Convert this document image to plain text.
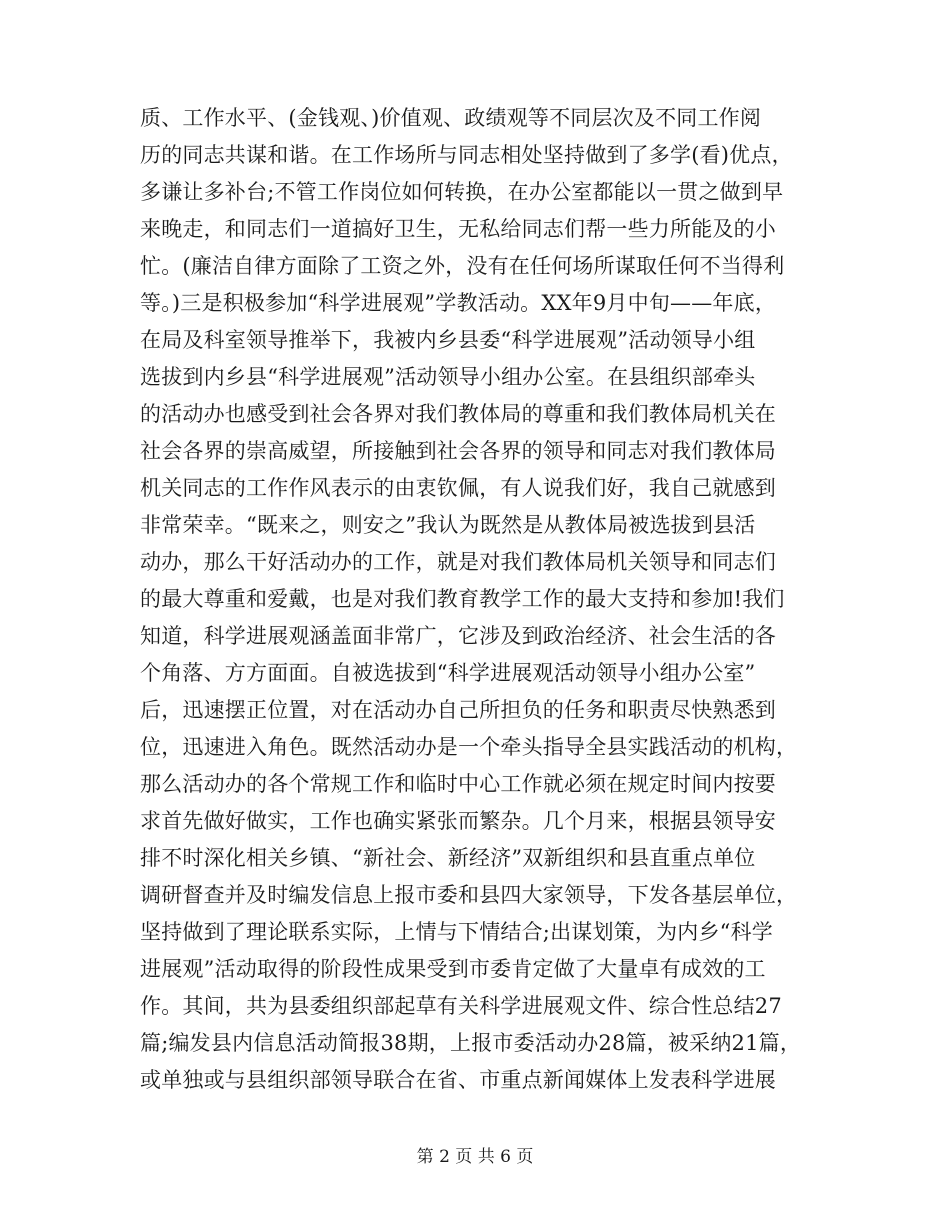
质、工作水平、(金钱观、)价值观、政绩观等不同层次及不同工作阅
历的同志共谋和谐。在工作场所与同志相处坚持做到了多学(看)优点，
多谦让多补台;不管工作岗位如何转换，在办公室都能以一贯之做到早
来晚走，和同志们一道搞好卫生，无私给同志们帮一些力所能及的小
忙。(廉洁自律方面除了工资之外，没有在任何场所谋取任何不当得利
等。)三是积极参加“科学进展观”学教活动。XX年9月中旬——年底，
在局及科室领导推举下，我被内乡县委“科学进展观”活动领导小组
选拔到内乡县“科学进展观”活动领导小组办公室。在县组织部牵头
的活动办也感受到社会各界对我们教体局的尊重和我们教体局机关在
社会各界的崇高威望，所接触到社会各界的领导和同志对我们教体局
机关同志的工作作风表示的由衷钦佩，有人说我们好，我自己就感到
非常荣幸。“既来之，则安之”我认为既然是从教体局被选拔到县活
动办，那么干好活动办的工作，就是对我们教体局机关领导和同志们
的最大尊重和爱戴，也是对我们教育教学工作的最大支持和参加!我们
知道，科学进展观涵盖面非常广，它涉及到政治经济、社会生活的各
个角落、方方面面。自被选拔到“科学进展观活动领导小组办公室”
后，迅速摆正位置，对在活动办自己所担负的任务和职责尽快熟悉到
位，迅速进入角色。既然活动办是一个牵头指导全县实践活动的机构，
那么活动办的各个常规工作和临时中心工作就必须在规定时间内按要
求首先做好做实，工作也确实紧张而繁杂。几个月来，根据县领导安
排不时深化相关乡镇、“新社会、新经济”双新组织和县直重点单位
调研督查并及时编发信息上报市委和县四大家领导，下发各基层单位，
坚持做到了理论联系实际，上情与下情结合;出谋划策，为内乡“科学
进展观”活动取得的阶段性成果受到市委肯定做了大量卓有成效的工
作。其间，共为县委组织部起草有关科学进展观文件、综合性总结27
篇;编发县内信息活动简报38期，上报市委活动办28篇，被采纳21篇，
或单独或与县组织部领导联合在省、市重点新闻媒体上发表科学进展
第 2 页 共 6 页
